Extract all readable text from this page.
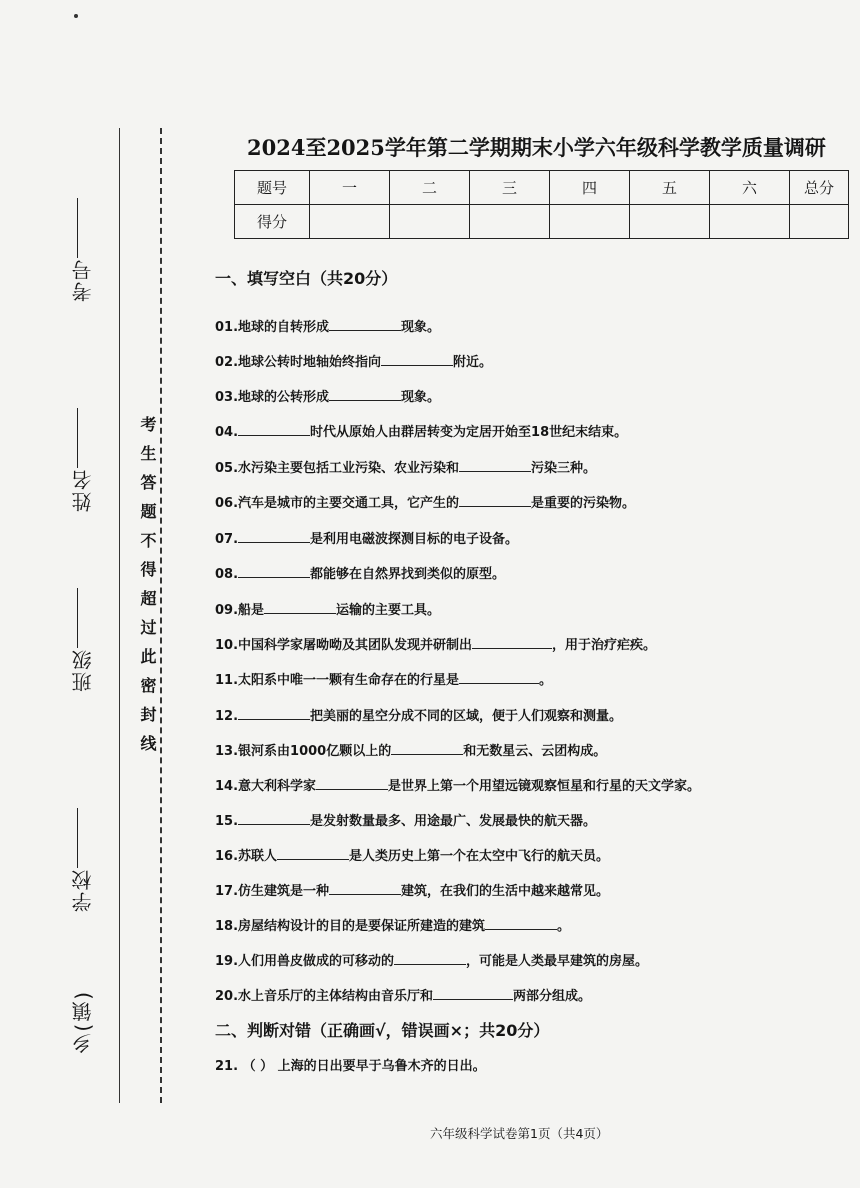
考号
姓名
班级
学校
乡(镇)
考生答题不得超过此密封线
2024至2025学年第二学期期末小学六年级科学教学质量调研
题号	一	二	三	四	五	六	总分
得分							
一、填写空白（共20分）
01.地球的自转形成	现象。
02.地球公转时地轴始终指向	附近。
03.地球的公转形成	现象。
04.	时代从原始人由群居转变为定居开始至18世纪末结束。
05.水污染主要包括工业污染、农业污染和	污染三种。
06.汽车是城市的主要交通工具，它产生的	是重要的污染物。
07.	是利用电磁波探测目标的电子设备。
08.	都能够在自然界找到类似的原型。
09.船是	运输的主要工具。
10.中国科学家屠呦呦及其团队发现并研制出	，用于治疗疟疾。
11.太阳系中唯一一颗有生命存在的行星是	。
12.	把美丽的星空分成不同的区域，便于人们观察和测量。
13.银河系由1000亿颗以上的	和无数星云、云团构成。
14.意大利科学家	是世界上第一个用望远镜观察恒星和行星的天文学家。
15.	是发射数量最多、用途最广、发展最快的航天器。
16.苏联人	是人类历史上第一个在太空中飞行的航天员。
17.仿生建筑是一种	建筑，在我们的生活中越来越常见。
18.房屋结构设计的目的是要保证所建造的建筑	。
19.人们用兽皮做成的可移动的	，可能是人类最早建筑的房屋。
20.水上音乐厅的主体结构由音乐厅和	两部分组成。
二、判断对错（正确画√，错误画×；共20分）
21. （ ） 上海的日出要早于乌鲁木齐的日出。
六年级科学试卷第1页（共4页）
